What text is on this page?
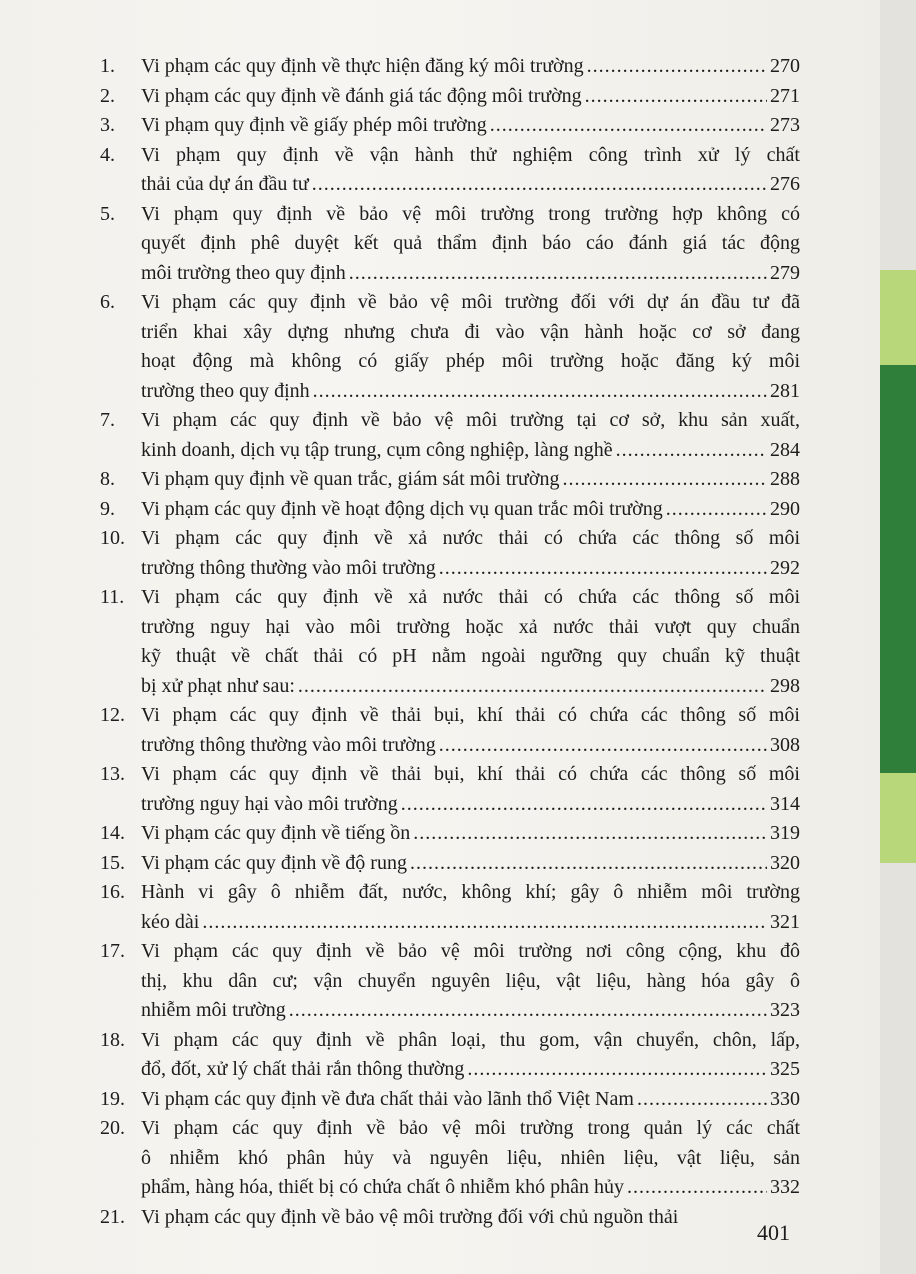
1.	Vi phạm các quy định về thực hiện đăng ký môi trường .....	270
2.	Vi phạm các quy định về đánh giá tác động môi trường .....	271
3.	Vi phạm quy định về giấy phép môi trường .....	273
4.	Vi phạm quy định về vận hành thử nghiệm công trình xử lý chất
thải của dự án đầu tư .....	276
5.	Vi phạm quy định về bảo vệ môi trường trong trường hợp không có
quyết định phê duyệt kết quả thẩm định báo cáo đánh giá tác động
môi trường theo quy định .....	279
6.	Vi phạm các quy định về bảo vệ môi trường đối với dự án đầu tư đã
triển khai xây dựng nhưng chưa đi vào vận hành hoặc cơ sở đang
hoạt động mà không có giấy phép môi trường hoặc đăng ký môi
trường theo quy định .....	281
7.	Vi phạm các quy định về bảo vệ môi trường tại cơ sở, khu sản xuất,
kinh doanh, dịch vụ tập trung, cụm công nghiệp, làng nghề .....	284
8.	Vi phạm quy định về quan trắc, giám sát môi trường .....	288
9.	Vi phạm các quy định về hoạt động dịch vụ quan trắc môi trường .....	290
10. Vi phạm các quy định về xả nước thải có chứa các thông số môi
trường thông thường vào môi trường .....	292
11. Vi phạm các quy định về xả nước thải có chứa các thông số môi
trường nguy hại vào môi trường hoặc xả nước thải vượt quy chuẩn
kỹ thuật về chất thải có pH nằm ngoài ngưỡng quy chuẩn kỹ thuật
bị xử phạt như sau: .....	298
12. Vi phạm các quy định về thải bụi, khí thải có chứa các thông số môi
trường thông thường vào môi trường .....	308
13. Vi phạm các quy định về thải bụi, khí thải có chứa các thông số môi
trường nguy hại vào môi trường .....	314
14. Vi phạm các quy định về tiếng ồn .....	319
15. Vi phạm các quy định về độ rung .....	320
16. Hành vi gây ô nhiễm đất, nước, không khí; gây ô nhiễm môi trường
kéo dài .....	321
17. Vi phạm các quy định về bảo vệ môi trường nơi công cộng, khu đô
thị, khu dân cư; vận chuyển nguyên liệu, vật liệu, hàng hóa gây ô
nhiễm môi trường .....	323
18. Vi phạm các quy định về phân loại, thu gom, vận chuyển, chôn, lấp,
đổ, đốt, xử lý chất thải rắn thông thường .....	325
19. Vi phạm các quy định về đưa chất thải vào lãnh thổ Việt Nam .....	330
20. Vi phạm các quy định về bảo vệ môi trường trong quản lý các chất
ô nhiễm khó phân hủy và nguyên liệu, nhiên liệu, vật liệu, sản
phẩm, hàng hóa, thiết bị có chứa chất ô nhiễm khó phân hủy .....	332
21. Vi phạm các quy định về bảo vệ môi trường đối với chủ nguồn thải
401
